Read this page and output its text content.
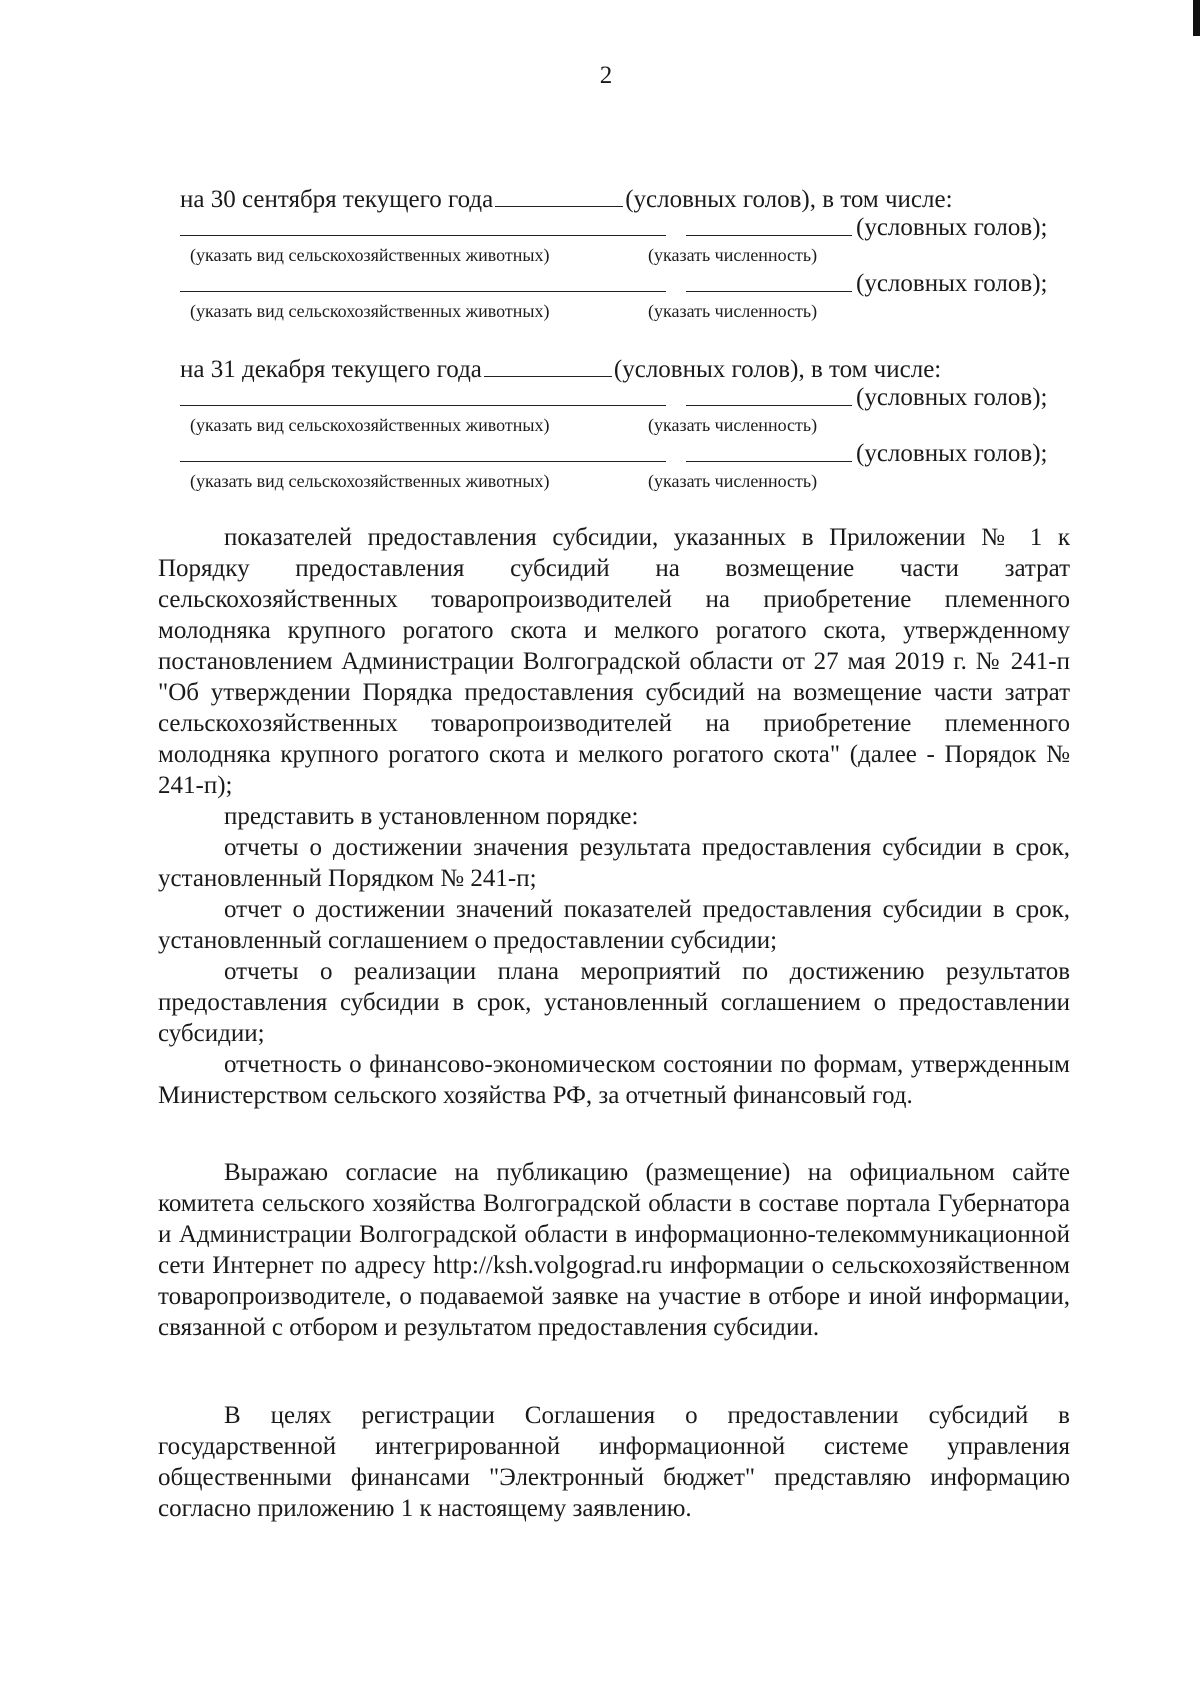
2
на 30 сентября текущего года	(условных голов), в том числе:
(условных голов);
(указать вид сельскохозяйственных животных)	(указать численность)
(условных голов);
(указать вид сельскохозяйственных животных)	(указать численность)
на 31 декабря текущего года	(условных голов), в том числе:
(условных голов);
(указать вид сельскохозяйственных животных)	(указать численность)
(условных голов);
(указать вид сельскохозяйственных животных)	(указать численность)

показателей предоставления субсидии, указанных в Приложении № 1 к Порядку предоставления субсидий на возмещение части затрат сельскохозяйственных товаропроизводителей на приобретение племенного молодняка крупного рогатого скота и мелкого рогатого скота, утвержденному постановлением Администрации Волгоградской области от 27 мая 2019 г. № 241-п "Об утверждении Порядка предоставления субсидий на возмещение части затрат сельскохозяйственных товаропроизводителей на приобретение племенного молодняка крупного рогатого скота и мелкого рогатого скота" (далее - Порядок № 241-п);

представить в установленном порядке:

отчеты о достижении значения результата предоставления субсидии в срок, установленный Порядком № 241-п;

отчет о достижении значений показателей предоставления субсидии в срок, установленный соглашением о предоставлении субсидии;

отчеты о реализации плана мероприятий по достижению результатов предоставления субсидии в срок, установленный соглашением о предоставлении субсидии;

отчетность о финансово-экономическом состоянии по формам, утвержденным Министерством сельского хозяйства РФ, за отчетный финансовый год.

Выражаю согласие на публикацию (размещение) на официальном сайте комитета сельского хозяйства Волгоградской области в составе портала Губернатора и Администрации Волгоградской области в информационно-телекоммуникационной сети Интернет по адресу http://ksh.volgograd.ru информации о сельскохозяйственном товаропроизводителе, о подаваемой заявке на участие в отборе и иной информации, связанной с отбором и результатом предоставления субсидии.

В целях регистрации Соглашения о предоставлении субсидий в государственной интегрированной информационной системе управления общественными финансами "Электронный бюджет" представляю информацию согласно приложению 1 к настоящему заявлению.
